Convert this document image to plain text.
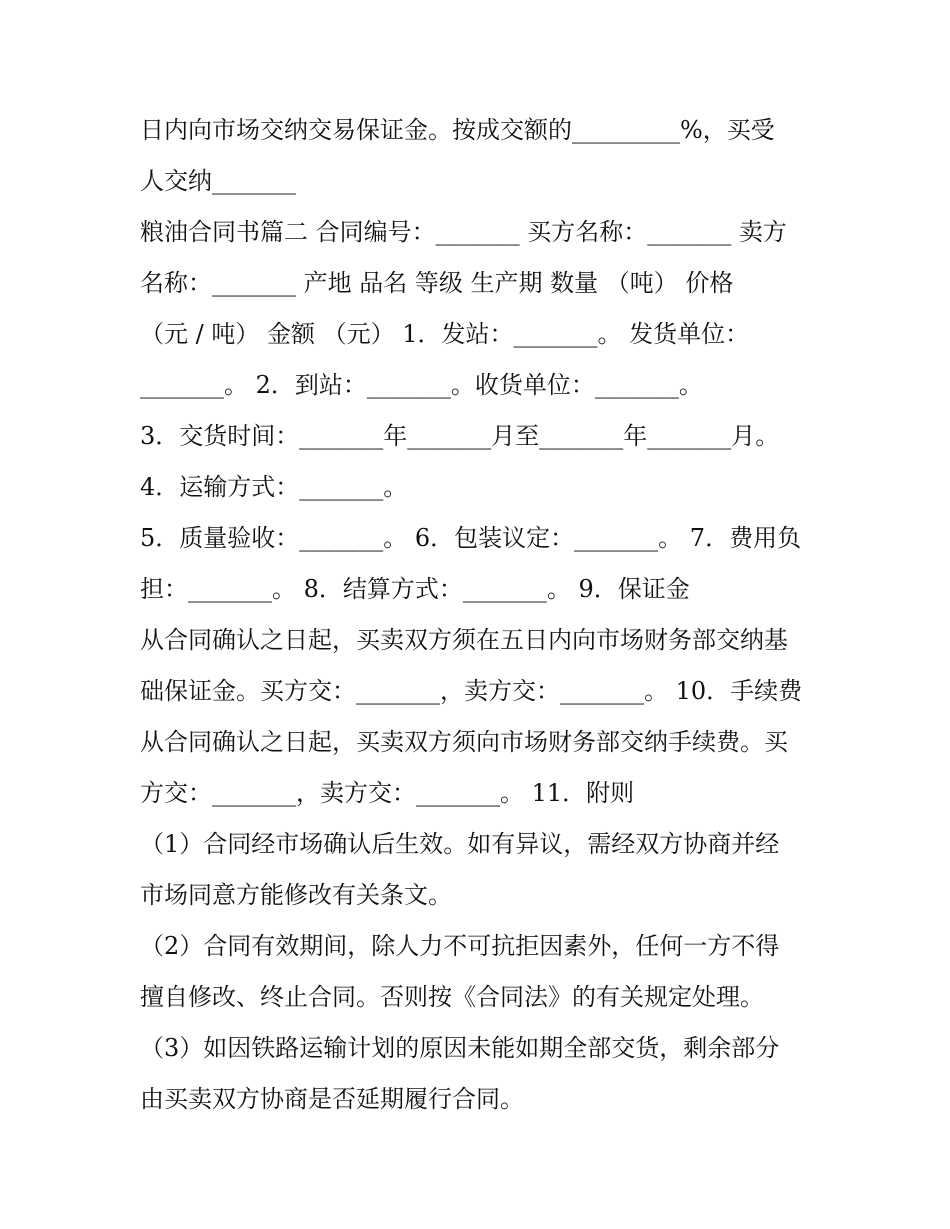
日内向市场交纳交易保证金。按成交额的_________%，买受
人交纳_______
粮油合同书篇二 合同编号：_______ 买方名称：_______ 卖方
名称：_______ 产地 品名 等级 生产期 数量 （吨） 价格
（元 / 吨） 金额 （元） 1．发站：_______。 发货单位：
_______。 2．到站：_______。收货单位：_______。
3．交货时间：_______年_______月至_______年_______月。
4．运输方式：_______。
5．质量验收：_______。 6．包装议定：_______。 7．费用负
担：_______。 8．结算方式：_______。 9．保证金
从合同确认之日起，买卖双方须在五日内向市场财务部交纳基
础保证金。买方交：_______，卖方交：_______。 10．手续费
从合同确认之日起，买卖双方须向市场财务部交纳手续费。买
方交：_______，卖方交：_______。 11．附则
（1）合同经市场确认后生效。如有异议，需经双方协商并经
市场同意方能修改有关条文。
（2）合同有效期间，除人力不可抗拒因素外，任何一方不得
擅自修改、终止合同。否则按《合同法》的有关规定处理。
（3）如因铁路运输计划的原因未能如期全部交货，剩余部分
由买卖双方协商是否延期履行合同。
